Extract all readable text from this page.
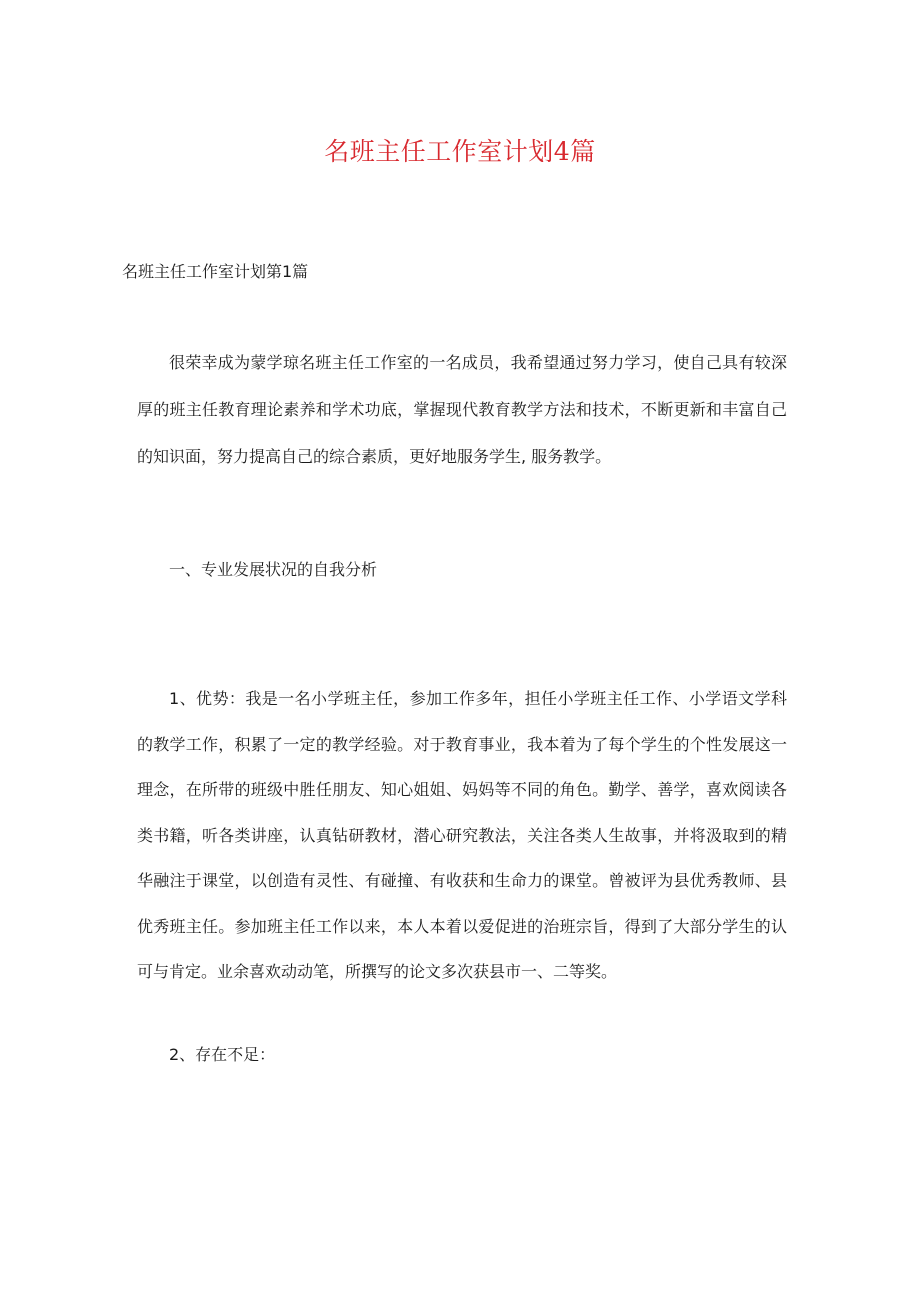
名班主任工作室计划4篇
名班主任工作室计划第1篇

很荣幸成为蒙学琼名班主任工作室的一名成员，我希望通过努力学习，使自己具有较深厚的班主任教育理论素养和学术功底，掌握现代教育教学方法和技术，不断更新和丰富自己的知识面，努力提高自己的综合素质，更好地服务学生, 服务教学。

一、专业发展状况的自我分析

1、优势：我是一名小学班主任，参加工作多年，担任小学班主任工作、小学语文学科的教学工作，积累了一定的教学经验。对于教育事业，我本着为了每个学生的个性发展这一理念，在所带的班级中胜任朋友、知心姐姐、妈妈等不同的角色。勤学、善学，喜欢阅读各类书籍，听各类讲座，认真钻研教材，潜心研究教法，关注各类人生故事，并将汲取到的精华融注于课堂，以创造有灵性、有碰撞、有收获和生命力的课堂。曾被评为县优秀教师、县优秀班主任。参加班主任工作以来，本人本着以爱促进的治班宗旨，得到了大部分学生的认可与肯定。业余喜欢动动笔，所撰写的论文多次获县市一、二等奖。

2、存在不足：
